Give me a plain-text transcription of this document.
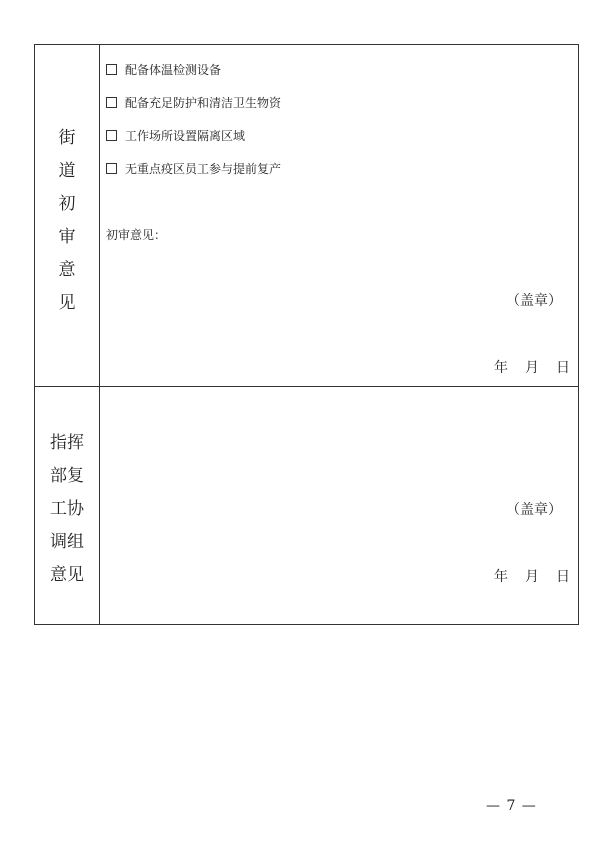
街
道
初
审
意
见
配备体温检测设备
配备充足防护和清洁卫生物资
工作场所设置隔离区域
无重点疫区员工参与提前复产
初审意见：
（盖章）
年 月 日
指挥
部复
工协
调组
意见
（盖章）
年 月 日
— 7 —
